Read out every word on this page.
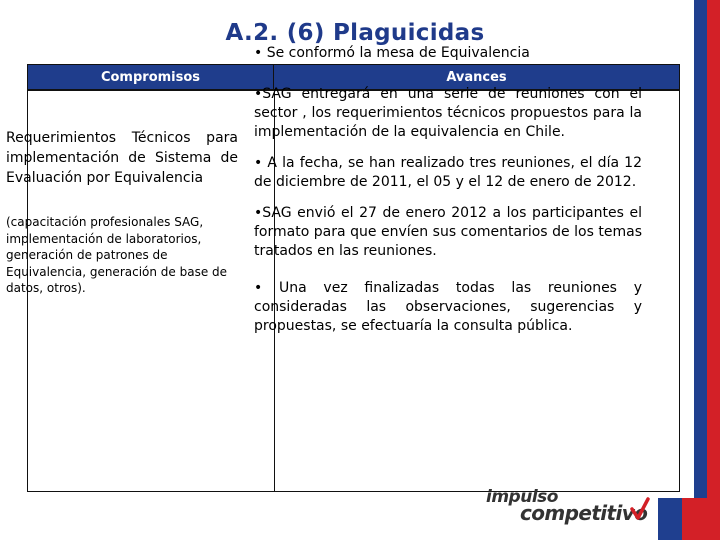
A.2. (6) Plaguicidas
Compromisos	Avances
Requerimientos Técnicos para implementación de Sistema de Evaluación por Equivalencia
(capacitación profesionales SAG, implementación de laboratorios, generación de patrones de Equivalencia, generación de base de datos, otros).

• Se conformó la mesa de Equivalencia

•SAG entregará en una serie de reuniones con el sector , los requerimientos técnicos propuestos para la implementación de la equivalencia en Chile.

• A la fecha, se han realizado tres reuniones, el día 12 de diciembre de 2011, el 05 y el 12 de enero de 2012.

•SAG envió el 27 de enero 2012 a los participantes el formato para que envíen sus comentarios de los temas tratados en las reuniones.

• Una vez finalizadas todas las reuniones y consideradas las observaciones, sugerencias y propuestas, se efectuaría la consulta pública.

impulso
competitivo
